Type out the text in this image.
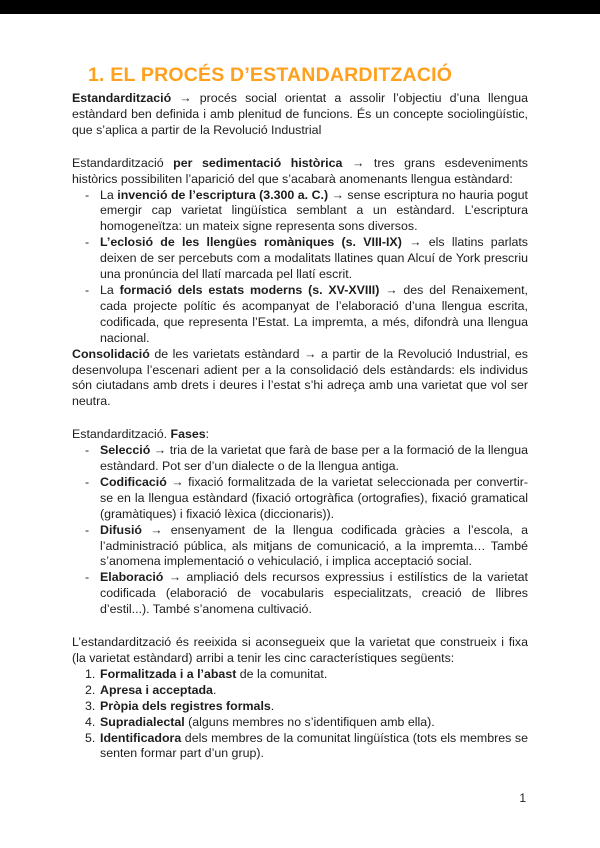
1. EL PROCÉS D’ESTANDARDITZACIÓ

Estandardització → procés social orientat a assolir l’objectiu d’una llengua estàndard ben definida i amb plenitud de funcions. És un concepte sociolingüístic, que s’aplica a partir de la Revolució Industrial

Estandardització per sedimentació històrica → tres grans esdeveniments històrics possibiliten l’aparició del que s’acabarà anomenants llengua estàndard:

- La invenció de l’escriptura (3.300 a. C.) → sense escriptura no hauria pogut emergir cap varietat lingüística semblant a un estàndard. L’escriptura homogeneïtza: un mateix signe representa sons diversos.
- L’eclosió de les llengües romàniques (s. VIII-IX) → els llatins parlats deixen de ser percebuts com a modalitats llatines quan Alcuí de York prescriu una pronúncia del llatí marcada pel llatí escrit.
- La formació dels estats moderns (s. XV-XVIII) → des del Renaixement, cada projecte polític és acompanyat de l’elaboració d’una llengua escrita, codificada, que representa l’Estat. La impremta, a més, difondrà una llengua nacional.

Consolidació de les varietats estàndard → a partir de la Revolució Industrial, es desenvolupa l’escenari adient per a la consolidació dels estàndards: els individus són ciutadans amb drets i deures i l’estat s’hi adreça amb una varietat que vol ser neutra.

Estandardització. Fases:

- Selecció → tria de la varietat que farà de base per a la formació de la llengua estàndard. Pot ser d’un dialecte o de la llengua antiga.
- Codificació → fixació formalitzada de la varietat seleccionada per convertir-se en la llengua estàndard (fixació ortogràfica (ortografies), fixació gramatical (gramàtiques) i fixació lèxica (diccionaris)).
- Difusió → ensenyament de la llengua codificada gràcies a l’escola, a l’administració pública, als mitjans de comunicació, a la impremta… També s’anomena implementació o vehiculació, i implica acceptació social.
- Elaboració → ampliació dels recursos expressius i estilístics de la varietat codificada (elaboració de vocabularis especialitzats, creació de llibres d’estil...). També s’anomena cultivació.

L’estandardització és reeixida si aconsegueix que la varietat que construeix i fixa (la varietat estàndard) arribi a tenir les cinc característiques següents:

1. Formalitzada i a l’abast de la comunitat.
2. Apresa i acceptada.
3. Pròpia dels registres formals.
4. Supradialectal (alguns membres no s’identifiquen amb ella).
5. Identificadora dels membres de la comunitat lingüística (tots els membres se senten formar part d’un grup).
1
